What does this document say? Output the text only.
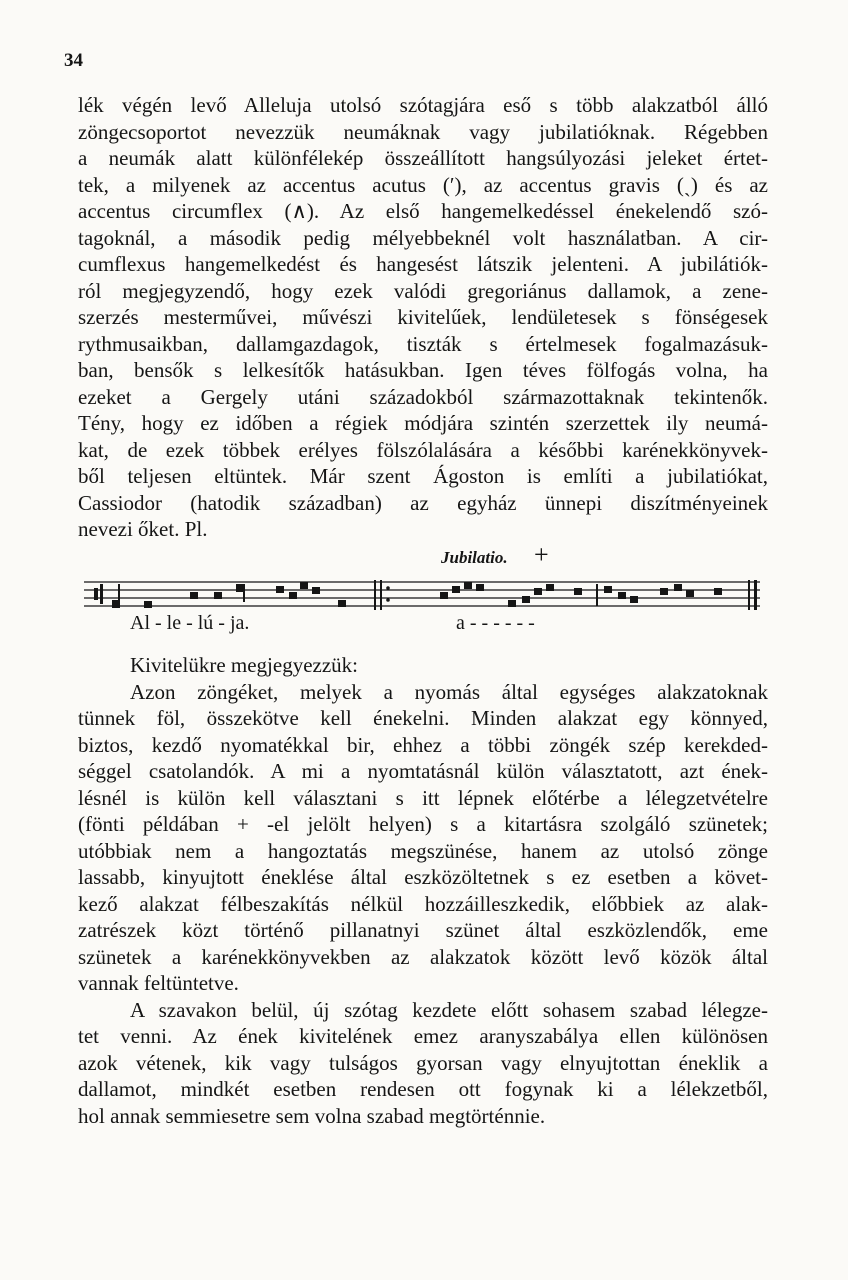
34
lék végén levő Alleluja utolsó szótagjára eső s több alakzatból álló
zöngecsoportot nevezzük neumáknak vagy jubilatióknak. Régebben
a neumák alatt különfélekép összeállított hangsúlyozási jeleket értet-
tek, a milyenek az accentus acutus (ʹ), az accentus gravis (ˎ) és az
accentus circumflex (∧). Az első hangemelkedéssel énekelendő szó-
tagoknál, a második pedig mélyebbeknél volt használatban. A cir-
cumflexus hangemelkedést és hangesést látszik jelenteni. A jubilátiók-
ról megjegyzendő, hogy ezek valódi gregoriánus dallamok, a zene-
szerzés mesterművei, művészi kivitelűek, lendületesek s fönségesek
rythmusaikban, dallamgazdagok, tiszták s értelmesek fogalmazásuk-
ban, bensők s lelkesítők hatásukban. Igen téves fölfogás volna, ha
ezeket a Gergely utáni századokból származottaknak tekintenők.
Tény, hogy ez időben a régiek módjára szintén szerzettek ily neumá-
kat, de ezek többek erélyes fölszólalására a későbbi karénekkönyvek-
ből teljesen eltüntek. Már szent Ágoston is említi a jubilatiókat,
Cassiodor (hatodik században) az egyház ünnepi diszítményeinek
nevezi őket. Pl.
Jubilatio. +
Al - le - lú - ja.	a - - - - - -
Kivitelükre megjegyezzük:
Azon zöngéket, melyek a nyomás által egységes alakzatoknak
tünnek föl, összekötve kell énekelni. Minden alakzat egy könnyed,
biztos, kezdő nyomatékkal bir, ehhez a többi zöngék szép kerekded-
séggel csatolandók. A mi a nyomtatásnál külön választatott, azt ének-
lésnél is külön kell választani s itt lépnek előtérbe a lélegzetvételre
(fönti példában + -el jelölt helyen) s a kitartásra szolgáló szünetek;
utóbbiak nem a hangoztatás megszünése, hanem az utolsó zönge
lassabb, kinyujtott éneklése által eszközöltetnek s ez esetben a követ-
kező alakzat félbeszakítás nélkül hozzáilleszkedik, előbbiek az alak-
zatrészek közt történő pillanatnyi szünet által eszközlendők, eme
szünetek a karénekkönyvekben az alakzatok között levő közök által
vannak feltüntetve.
A szavakon belül, új szótag kezdete előtt sohasem szabad lélegze-
tet venni. Az ének kivitelének emez aranyszabálya ellen különösen
azok vétenek, kik vagy tulságos gyorsan vagy elnyujtottan éneklik a
dallamot, mindkét esetben rendesen ott fogynak ki a lélekzetből,
hol annak semmiesetre sem volna szabad megtörténnie.
